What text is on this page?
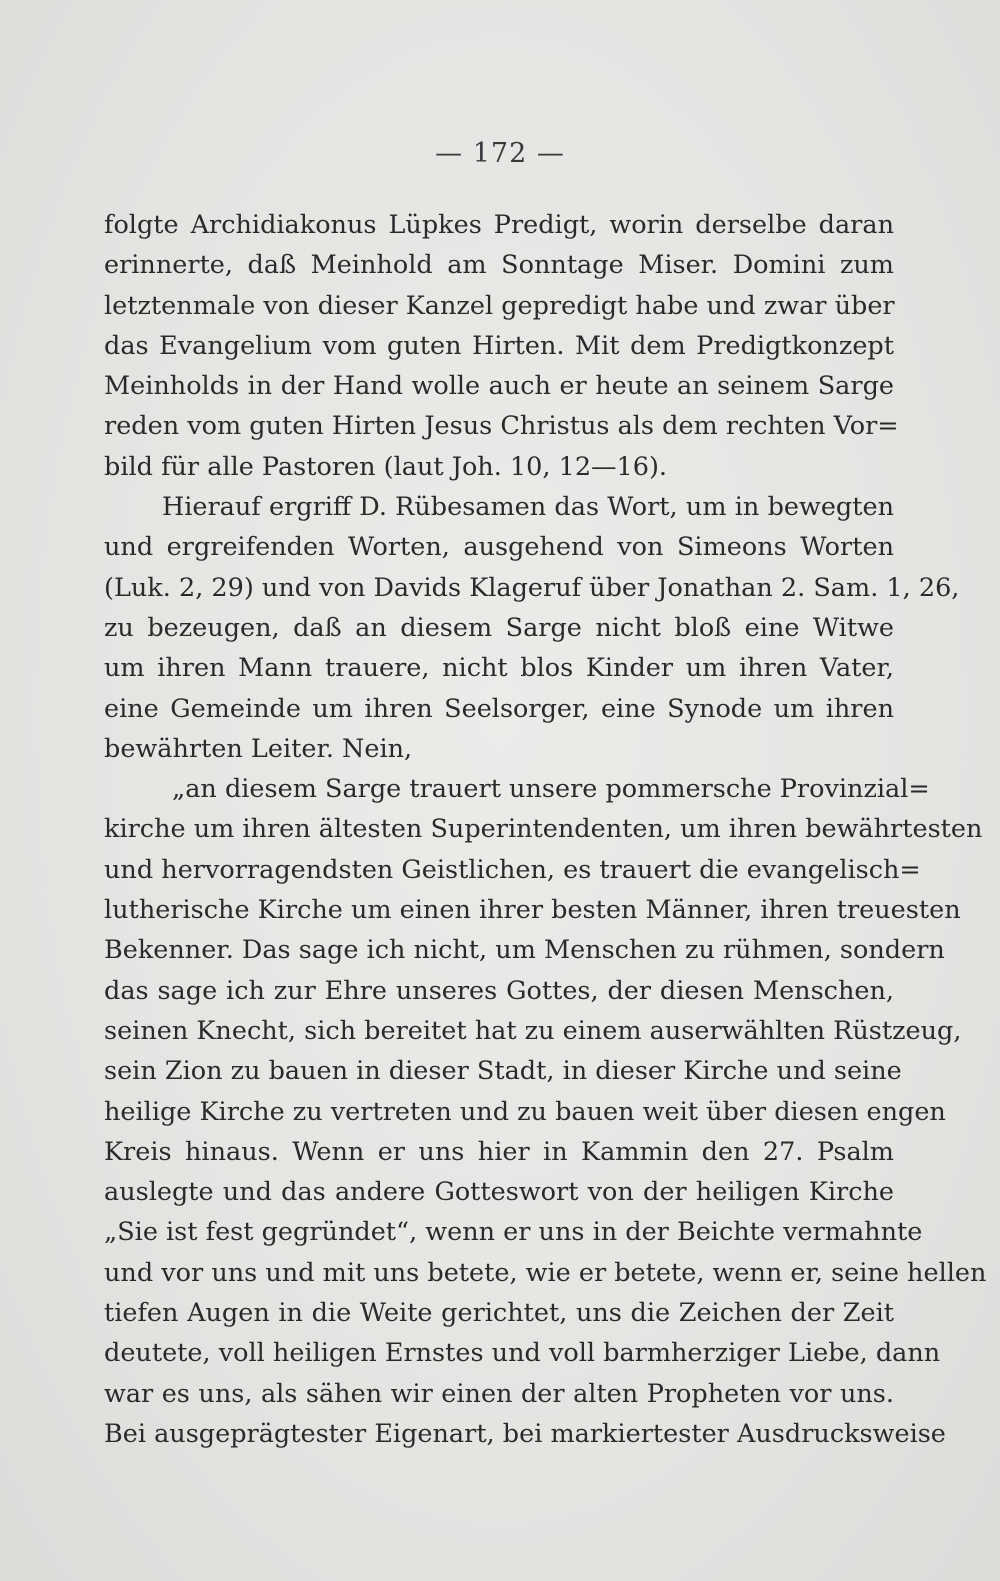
— 172 —
folgte Archidiakonus Lüpkes Predigt, worin derselbe daran
erinnerte, daß Meinhold am Sonntage Miser. Domini zum
letztenmale von dieser Kanzel gepredigt habe und zwar über
das Evangelium vom guten Hirten. Mit dem Predigtkonzept
Meinholds in der Hand wolle auch er heute an seinem Sarge
reden vom guten Hirten Jesus Christus als dem rechten Vor=
bild für alle Pastoren (laut Joh. 10, 12—16).
Hierauf ergriff D. Rübesamen das Wort, um in bewegten
und ergreifenden Worten, ausgehend von Simeons Worten
(Luk. 2, 29) und von Davids Klageruf über Jonathan 2. Sam. 1, 26,
zu bezeugen, daß an diesem Sarge nicht bloß eine Witwe
um ihren Mann trauere, nicht blos Kinder um ihren Vater,
eine Gemeinde um ihren Seelsorger, eine Synode um ihren
bewährten Leiter. Nein,
„an diesem Sarge trauert unsere pommersche Provinzial=
kirche um ihren ältesten Superintendenten, um ihren bewährtesten
und hervorragendsten Geistlichen, es trauert die evangelisch=
lutherische Kirche um einen ihrer besten Männer, ihren treuesten
Bekenner. Das sage ich nicht, um Menschen zu rühmen, sondern
das sage ich zur Ehre unseres Gottes, der diesen Menschen,
seinen Knecht, sich bereitet hat zu einem auserwählten Rüstzeug,
sein Zion zu bauen in dieser Stadt, in dieser Kirche und seine
heilige Kirche zu vertreten und zu bauen weit über diesen engen
Kreis hinaus. Wenn er uns hier in Kammin den 27. Psalm
auslegte und das andere Gotteswort von der heiligen Kirche
„Sie ist fest gegründet“, wenn er uns in der Beichte vermahnte
und vor uns und mit uns betete, wie er betete, wenn er, seine hellen
tiefen Augen in die Weite gerichtet, uns die Zeichen der Zeit
deutete, voll heiligen Ernstes und voll barmherziger Liebe, dann
war es uns, als sähen wir einen der alten Propheten vor uns.
Bei ausgeprägtester Eigenart, bei markiertester Ausdrucksweise
